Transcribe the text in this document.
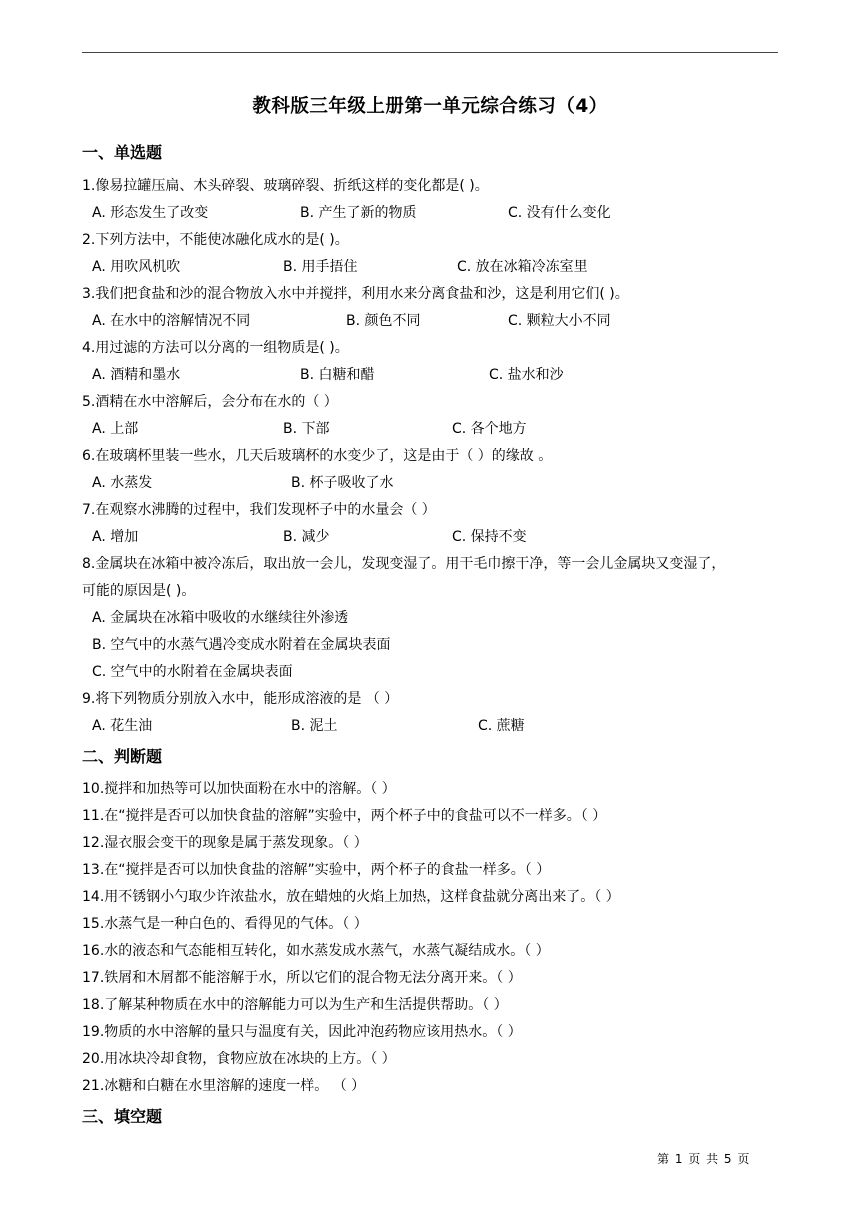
教科版三年级上册第一单元综合练习（4）
一、单选题
1.像易拉罐压扁、木头碎裂、玻璃碎裂、折纸这样的变化都是( )。
A. 形态发生了改变	B. 产生了新的物质	C. 没有什么变化
2.下列方法中，不能使冰融化成水的是( )。
A. 用吹风机吹	B. 用手捂住	C. 放在冰箱冷冻室里
3.我们把食盐和沙的混合物放入水中并搅拌，利用水来分离食盐和沙，这是利用它们( )。
A. 在水中的溶解情况不同	B. 颜色不同	C. 颗粒大小不同
4.用过滤的方法可以分离的一组物质是( )。
A. 酒精和墨水	B. 白糖和醋	C. 盐水和沙
5.酒精在水中溶解后，会分布在水的（ ）
A. 上部	B. 下部	C. 各个地方
6.在玻璃杯里装一些水，几天后玻璃杯的水变少了，这是由于（ ）的缘故 。
A. 水蒸发	B. 杯子吸收了水
7.在观察水沸腾的过程中，我们发现杯子中的水量会（ ）
A. 增加	B. 减少	C. 保持不变
8.金属块在冰箱中被冷冻后，取出放一会儿，发现变湿了。用干毛巾擦干净，等一会儿金属块又变湿了，
可能的原因是( )。
A. 金属块在冰箱中吸收的水继续往外渗透
B. 空气中的水蒸气遇冷变成水附着在金属块表面
C. 空气中的水附着在金属块表面
9.将下列物质分别放入水中，能形成溶液的是 （ ）
A. 花生油	B. 泥土	C. 蔗糖
二、判断题
10.搅拌和加热等可以加快面粉在水中的溶解。（ ）
11.在“搅拌是否可以加快食盐的溶解”实验中，两个杯子中的食盐可以不一样多。（ ）
12.湿衣服会变干的现象是属于蒸发现象。（ ）
13.在“搅拌是否可以加快食盐的溶解”实验中，两个杯子的食盐一样多。（ ）
14.用不锈钢小勺取少许浓盐水，放在蜡烛的火焰上加热，这样食盐就分离出来了。（ ）
15.水蒸气是一种白色的、看得见的气体。（ ）
16.水的液态和气态能相互转化，如水蒸发成水蒸气，水蒸气凝结成水。（ ）
17.铁屑和木屑都不能溶解于水，所以它们的混合物无法分离开来。（ ）
18.了解某种物质在水中的溶解能力可以为生产和生活提供帮助。（ ）
19.物质的水中溶解的量只与温度有关，因此冲泡药物应该用热水。（ ）
20.用冰块冷却食物，食物应放在冰块的上方。（ ）
21.冰糖和白糖在水里溶解的速度一样。 （ ）
三、填空题
第 1 页 共 5 页
